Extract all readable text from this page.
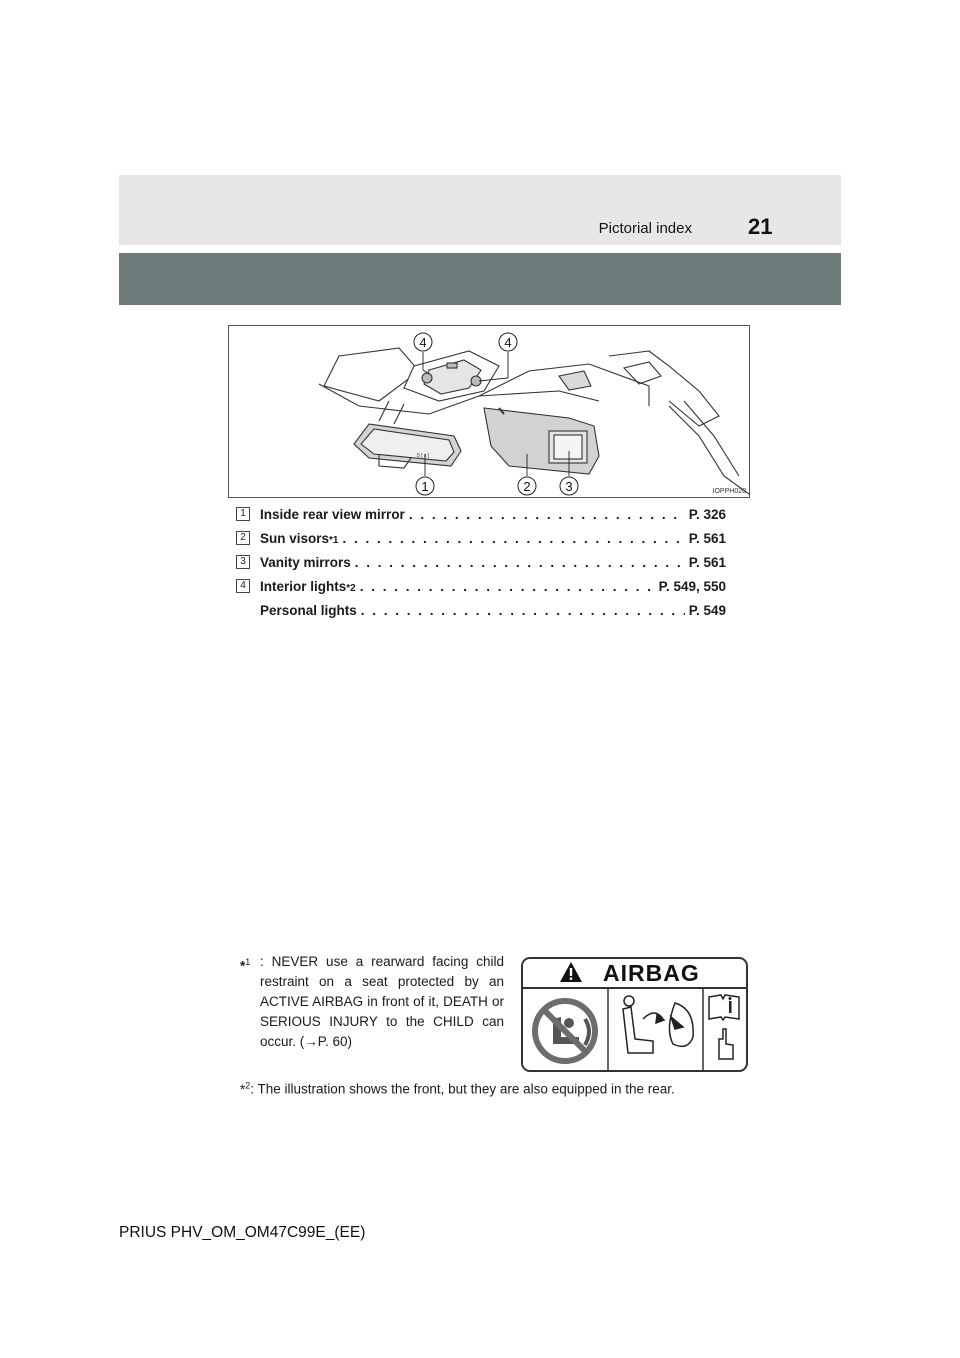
Pictorial index	21
4	4
1	2	3
5 [ s ]
IOPPH020
1	Inside rear view mirror . . .	P. 326
2	Sun visors *1 . . .	P. 561
3	Vanity mirrors . . .	P. 561
4	Interior lights *2 . . .	P. 549, 550
Personal lights . . .	P. 549
*$^1$ : NEVER use a rearward facing child restraint on a seat protected by an ACTIVE AIRBAG in front of it, DEATH or SERIOUS INJURY to the CHILD can occur. (→P. 60)
AIRBAG
*$^2$: The illustration shows the front, but they are also equipped in the rear.
PRIUS PHV_OM_OM47C99E_(EE)
